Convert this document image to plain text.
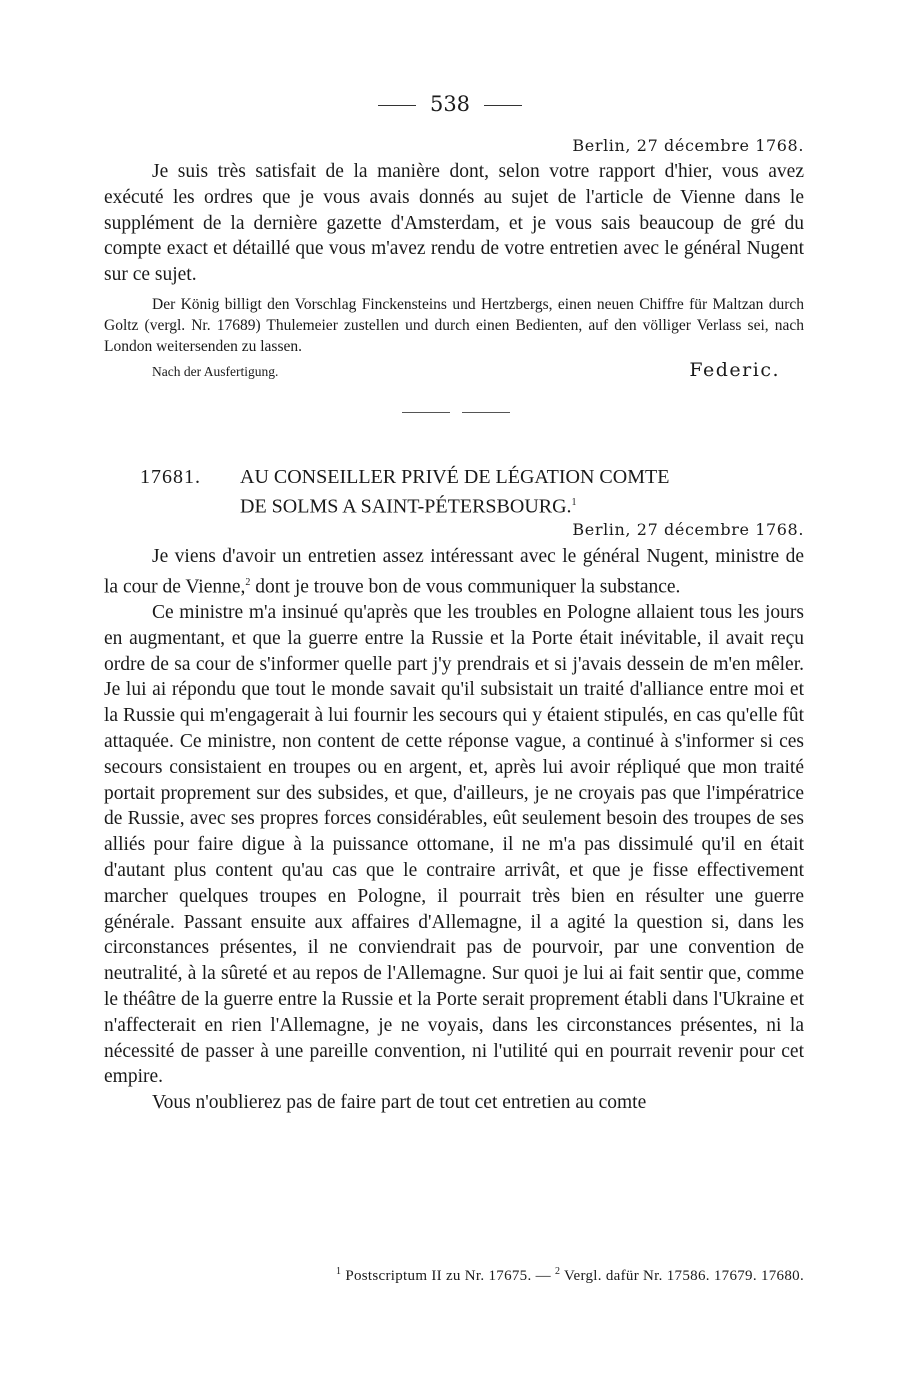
538
Berlin, 27 décembre 1768.

Je suis très satisfait de la manière dont, selon votre rapport d'hier, vous avez exécuté les ordres que je vous avais donnés au sujet de l'article de Vienne dans le supplément de la dernière gazette d'Amsterdam, et je vous sais beaucoup de gré du compte exact et détaillé que vous m'avez rendu de votre entretien avec le général Nugent sur ce sujet.

Der König billigt den Vorschlag Finckensteins und Hertzbergs, einen neuen Chiffre für Maltzan durch Goltz (vergl. Nr. 17689) Thulemeier zustellen und durch einen Bedienten, auf den völliger Verlass sei, nach London weitersenden zu lassen.

Nach der Ausfertigung.	Federic.
17681. AU CONSEILLER PRIVÉ DE LÉGATION COMTE
DE SOLMS A SAINT-PÉTERSBOURG.$^1$
Berlin, 27 décembre 1768.

Je viens d'avoir un entretien assez intéressant avec le général Nugent, ministre de la cour de Vienne,$^2$ dont je trouve bon de vous communiquer la substance.

Ce ministre m'a insinué qu'après que les troubles en Pologne allaient tous les jours en augmentant, et que la guerre entre la Russie et la Porte était inévitable, il avait reçu ordre de sa cour de s'informer quelle part j'y prendrais et si j'avais dessein de m'en mêler. Je lui ai répondu que tout le monde savait qu'il subsistait un traité d'alliance entre moi et la Russie qui m'engagerait à lui fournir les secours qui y étaient stipulés, en cas qu'elle fût attaquée. Ce ministre, non content de cette réponse vague, a continué à s'informer si ces secours consistaient en troupes ou en argent, et, après lui avoir répliqué que mon traité portait proprement sur des subsides, et que, d'ailleurs, je ne croyais pas que l'impératrice de Russie, avec ses propres forces considérables, eût seulement besoin des troupes de ses alliés pour faire digue à la puissance ottomane, il ne m'a pas dissimulé qu'il en était d'autant plus content qu'au cas que le contraire arrivât, et que je fisse effectivement marcher quelques troupes en Pologne, il pourrait très bien en résulter une guerre générale. Passant ensuite aux affaires d'Allemagne, il a agité la question si, dans les circonstances présentes, il ne conviendrait pas de pourvoir, par une convention de neutralité, à la sûreté et au repos de l'Allemagne. Sur quoi je lui ai fait sentir que, comme le théâtre de la guerre entre la Russie et la Porte serait proprement établi dans l'Ukraine et n'affecterait en rien l'Allemagne, je ne voyais, dans les circonstances présentes, ni la nécessité de passer à une pareille convention, ni l'utilité qui en pourrait revenir pour cet empire.

Vous n'oublierez pas de faire part de tout cet entretien au comte

$^1$ Postscriptum II zu Nr. 17675. — $^2$ Vergl. dafür Nr. 17586. 17679. 17680.
